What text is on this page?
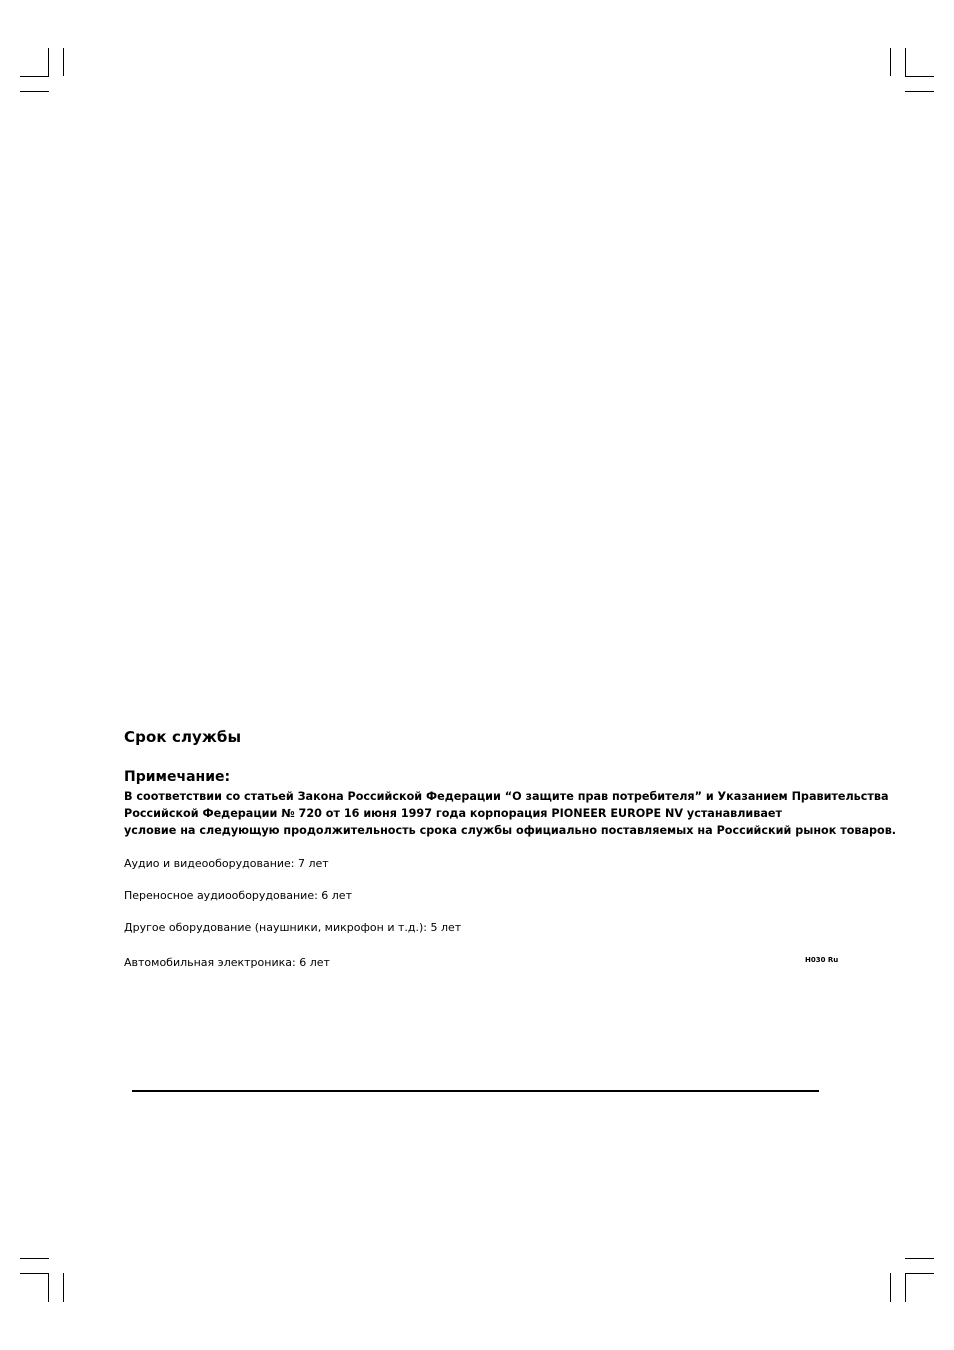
Срок службы
Примечание:
В соответствии со статьей Закона Российской Федерации “О защите прав потребителя” и Указанием Правительства
Российской Федерации № 720 от 16 июня 1997 года корпорация PIONEER EUROPE NV устанавливает
условие на следующую продолжительность срока службы официально поставляемых на Российский рынок товаров.
Аудио и видеооборудование: 7 лет
Переносное аудиооборудование: 6 лет
Другое оборудование (наушники, микрофон и т.д.): 5 лет
Автомобильная электроника: 6 лет	H030 Ru
